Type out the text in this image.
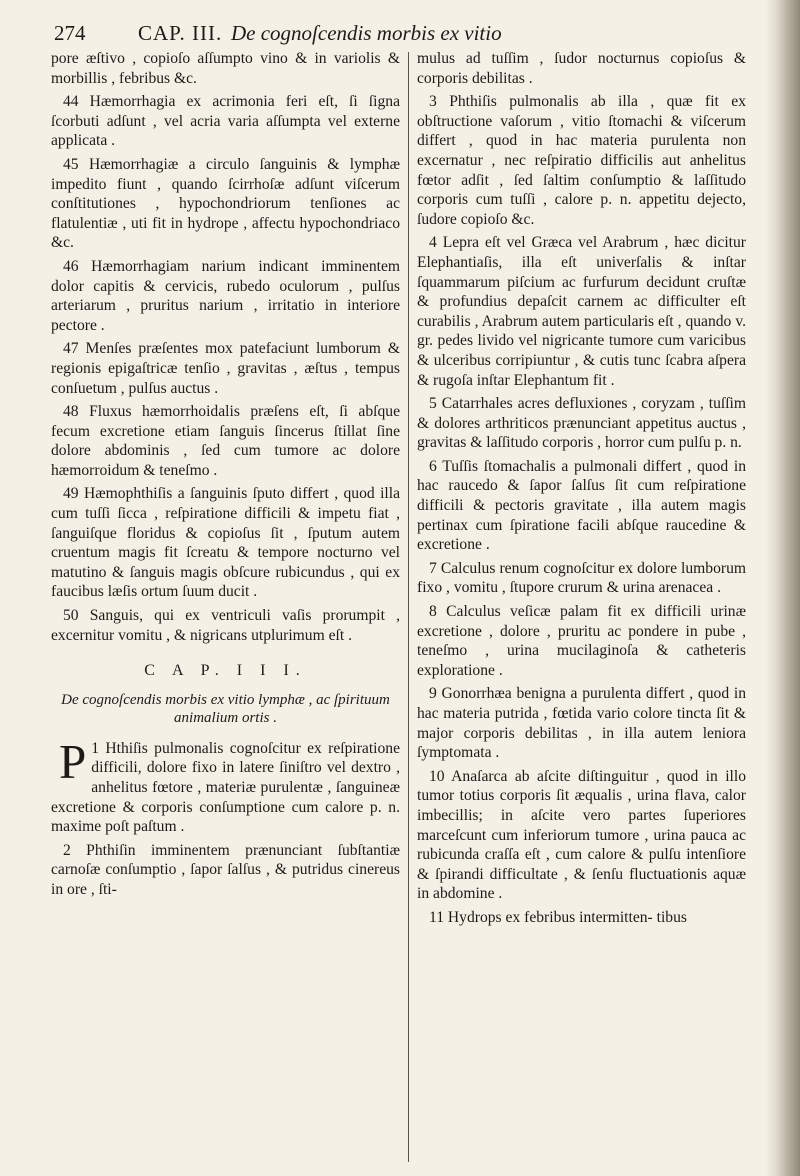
274	CAP. III. De cognoſcendis morbis ex vitio

pore æſtivo , copioſo aſſumpto vino & in variolis & morbillis , febribus &c.

44 Hæmorrhagia ex acrimonia feri eſt, ſi ſigna ſcorbuti adſunt , vel acria varia aſſumpta vel externe applicata .

45 Hæmorrhagiæ a circulo ſanguinis & lymphæ impedito fiunt , quando ſcirrhoſæ adſunt viſcerum conſtitutiones , hypochondriorum tenſiones ac flatulentiæ , uti fit in hydrope , affectu hypochondriaco &c.

46 Hæmorrhagiam narium indicant imminentem dolor capitis & cervicis, rubedo oculorum , pulſus arteriarum , pruritus narium , irritatio in interiore pectore .

47 Menſes præſentes mox patefaciunt lumborum & regionis epigaſtricæ tenſio , gravitas , æſtus , tempus conſuetum , pulſus auctus .

48 Fluxus hæmorrhoidalis præſens eſt, ſi abſque fecum excretione etiam ſanguis ſincerus ſtillat ſine dolore abdominis , ſed cum tumore ac dolore hæmorroidum & teneſmo .

49 Hæmophthiſis a ſanguinis ſputo differt , quod illa cum tuſſi ſicca , reſpiratione difficili & impetu fiat , ſanguiſque floridus & copioſus ſit , ſputum autem cruentum magis fit ſcreatu & tempore nocturno vel matutino & ſanguis magis obſcure rubicundus , qui ex faucibus læſis ortum ſuum ducit .

50 Sanguis, qui ex ventriculi vaſis prorumpit , excernitur vomitu , & nigricans utplurimum eſt .

C A P. I I I.
De cognoſcendis morbis ex vitio lymphæ , ac ſpirituum animalium ortis .

P 1 Hthiſis pulmonalis cognoſcitur ex reſpiratione difficili, dolore fixo in latere ſiniſtro vel dextro , anhelitus fœtore , materiæ purulentæ , ſanguineæ excretione & corporis conſumptione cum calore p. n. maxime poſt paſtum .

2 Phthiſin imminentem prænunciant ſubſtantiæ carnoſæ conſumptio , ſapor ſalſus , & putridus cinereus in ore , ſti-

mulus ad tuſſim , ſudor nocturnus copioſus & corporis debilitas .

3 Phthiſis pulmonalis ab illa , quæ fit ex obſtructione vaſorum , vitio ſtomachi & viſcerum differt , quod in hac materia purulenta non excernatur , nec reſpiratio difficilis aut anhelitus fœtor adſit , ſed ſaltim conſumptio & laſſitudo corporis cum tuſſi , calore p. n. appetitu dejecto, ſudore copioſo &c.

4 Lepra eſt vel Græca vel Arabrum , hæc dicitur Elephantiaſis, illa eſt univerſalis & inſtar ſquammarum piſcium ac furfurum decidunt cruſtæ & profundius depaſcit carnem ac difficulter eſt curabilis , Arabrum autem particularis eſt , quando v. gr. pedes livido vel nigricante tumore cum varicibus & ulceribus corripiuntur , & cutis tunc ſcabra aſpera & rugoſa inſtar Elephantum fit .

5 Catarrhales acres defluxiones , coryzam , tuſſim & dolores arthriticos prænunciant appetitus auctus , gravitas & laſſitudo corporis , horror cum pulſu p. n.

6 Tuſſis ſtomachalis a pulmonali differt , quod in hac raucedo & ſapor ſalſus ſit cum reſpiratione difficili & pectoris gravitate , illa autem magis pertinax cum ſpiratione facili abſque raucedine & excretione .

7 Calculus renum cognoſcitur ex dolore lumborum fixo , vomitu , ſtupore crurum & urina arenacea .

8 Calculus veſicæ palam fit ex difficili urinæ excretione , dolore , pruritu ac pondere in pube , teneſmo , urina mucilaginoſa & catheteris exploratione .

9 Gonorrhæa benigna a purulenta differt , quod in hac materia putrida , fœtida vario colore tincta ſit & major corporis debilitas , in illa autem leniora ſymptomata .

10 Anaſarca ab aſcite diſtinguitur , quod in illo tumor totius corporis ſit æqualis , urina flava, calor imbecillis; in aſcite vero partes ſuperiores marceſcunt cum inferiorum tumore , urina pauca ac rubicunda craſſa eſt , cum calore & pulſu intenſiore & ſpirandi difficultate , & ſenſu fluctuationis aquæ in abdomine .

11 Hydrops ex febribus intermitten- tibus
